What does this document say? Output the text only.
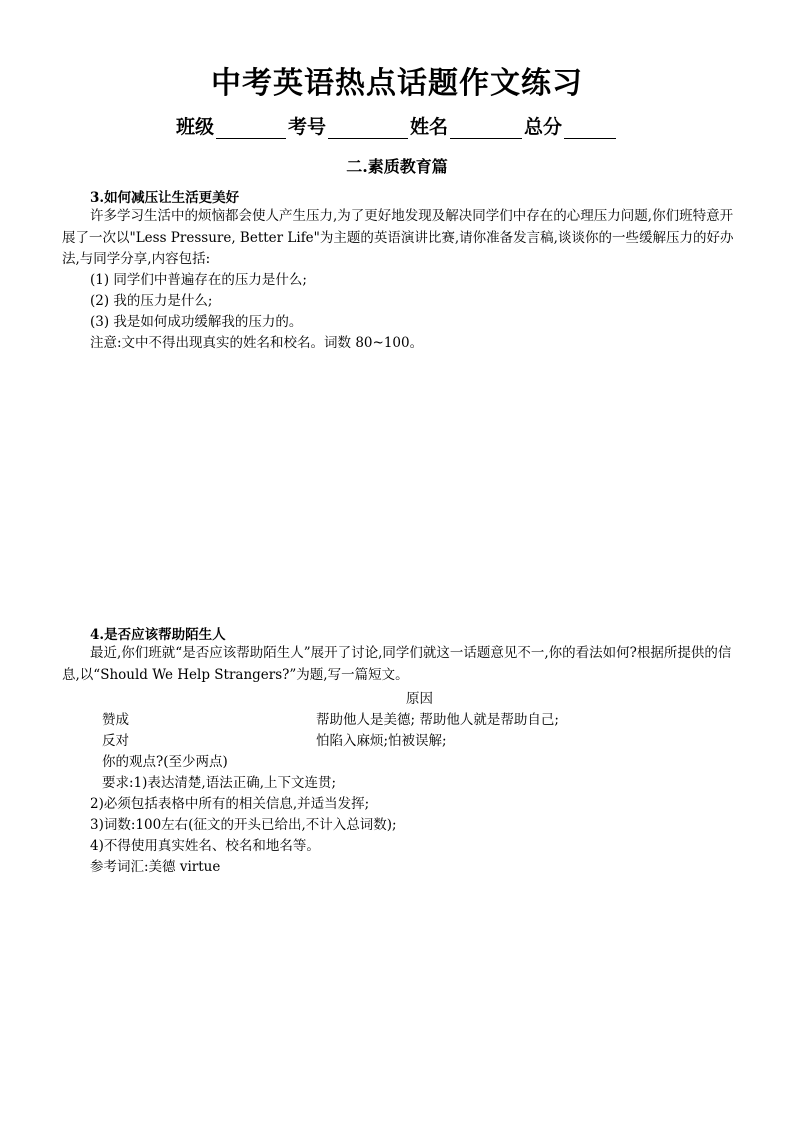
中考英语热点话题作文练习
班级	考号	姓名	总分
二.素质教育篇
3.如何减压让生活更美好
许多学习生活中的烦恼都会使人产生压力,为了更好地发现及解决同学们中存在的心理压力问题,你们班特意开展了一次以"Less Pressure, Better Life"为主题的英语演讲比赛,请你准备发言稿,谈谈你的一些缓解压力的好办法,与同学分享,内容包括:
(1) 同学们中普遍存在的压力是什么;
(2) 我的压力是什么;
(3) 我是如何成功缓解我的压力的。
注意:文中不得出现真实的姓名和校名。词数 80~100。
4.是否应该帮助陌生人
最近,你们班就“是否应该帮助陌生人”展开了讨论,同学们就这一话题意见不一,你的看法如何?根据所提供的信息,以“Should We Help Strangers?”为题,写一篇短文。
原因
赞成	帮助他人是美德; 帮助他人就是帮助自己;
反对	怕陷入麻烦;怕被误解;
你的观点?(至少两点)
要求:1)表达清楚,语法正确,上下文连贯;
2)必须包括表格中所有的相关信息,并适当发挥;
3)词数:100左右(征文的开头已给出,不计入总词数);
4)不得使用真实姓名、校名和地名等。
参考词汇:美德 virtue
